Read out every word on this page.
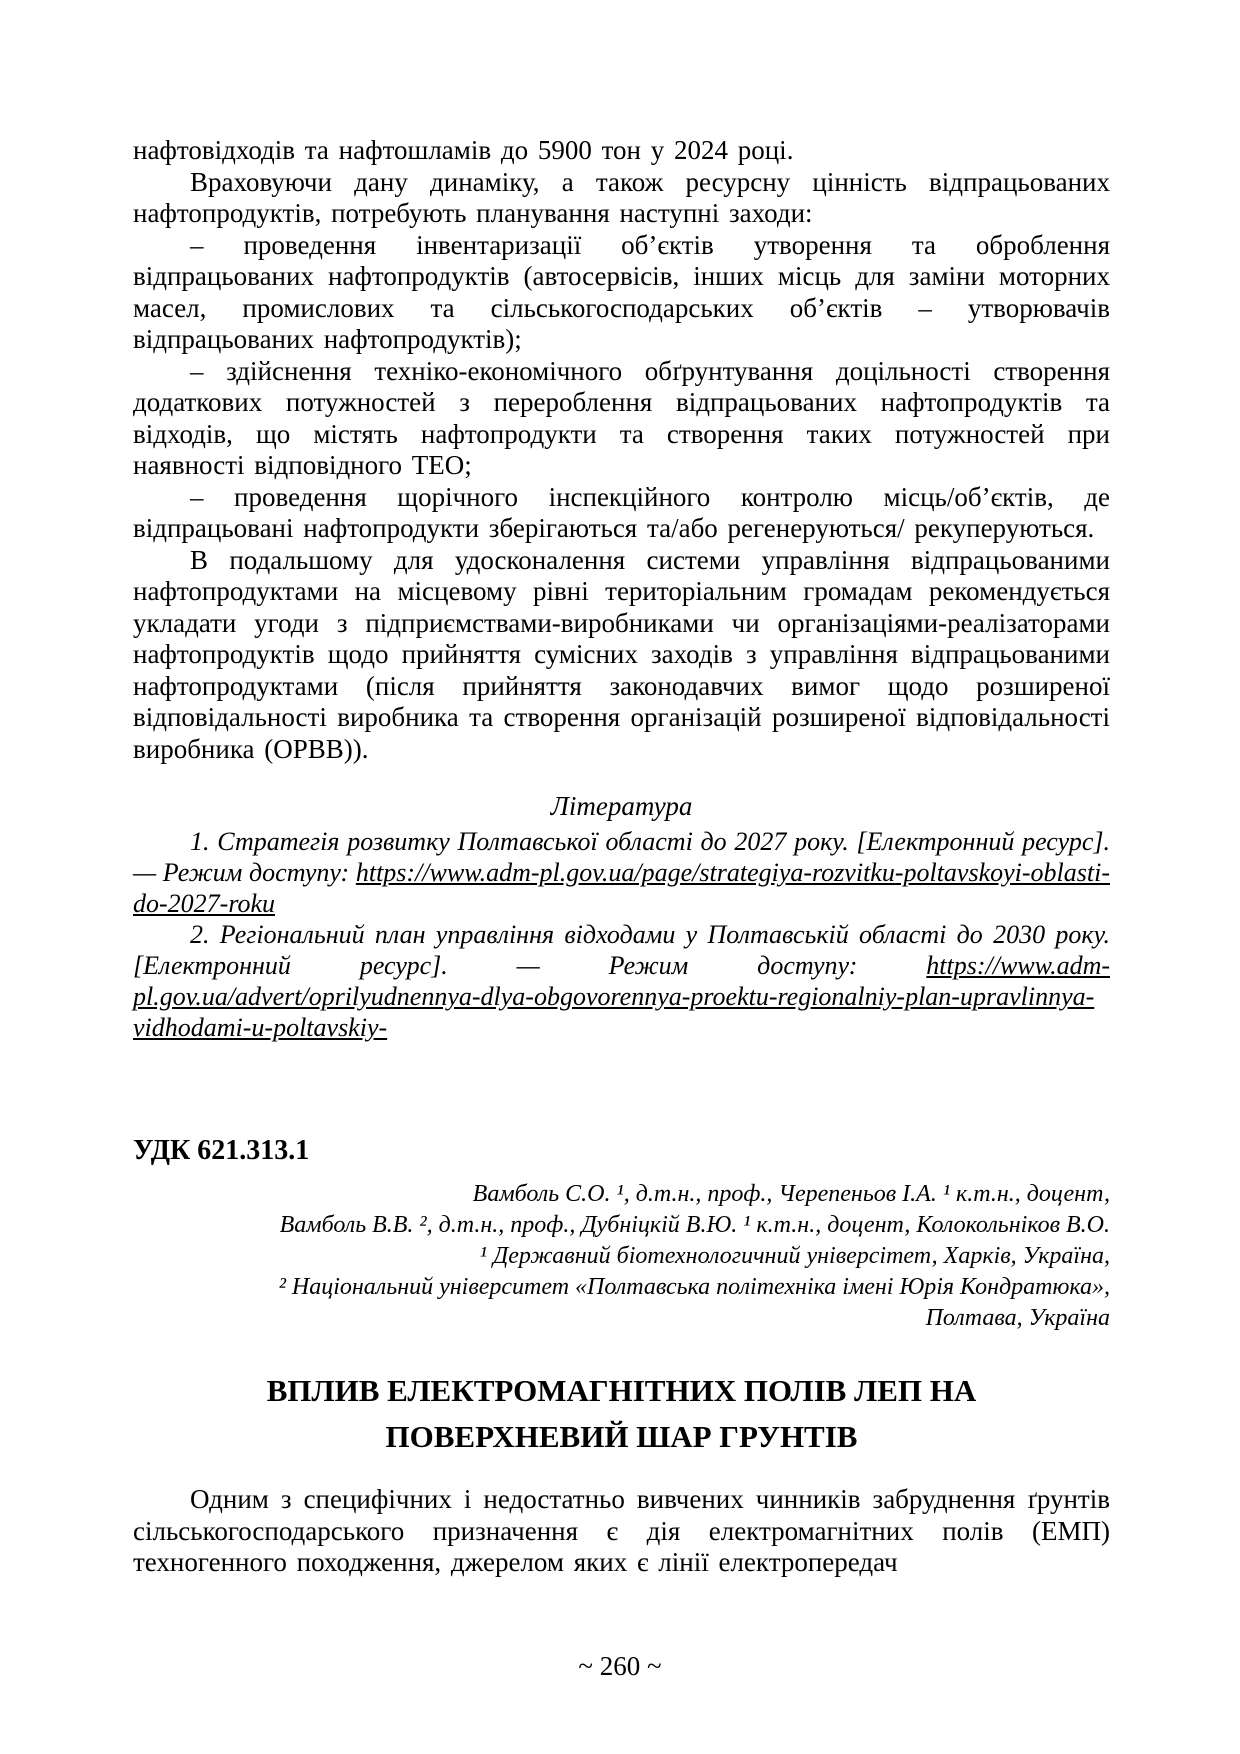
нафтовідходів та нафтошламів до 5900 тон у 2024 році.

Враховуючи дану динаміку, а також ресурсну цінність відпрацьованих нафтопродуктів, потребують планування наступні заходи:

– проведення інвентаризації об’єктів утворення та оброблення відпрацьованих нафтопродуктів (автосервісів, інших місць для заміни моторних масел, промислових та сільськогосподарських об’єктів – утворювачів відпрацьованих нафтопродуктів);

– здійснення техніко-економічного обґрунтування доцільності створення додаткових потужностей з перероблення відпрацьованих нафтопродуктів та відходів, що містять нафтопродукти та створення таких потужностей при наявності відповідного ТЕО;

– проведення щорічного інспекційного контролю місць/об’єктів, де відпрацьовані нафтопродукти зберігаються та/або регенеруються/ рекуперуються.

В подальшому для удосконалення системи управління відпрацьованими нафтопродуктами на місцевому рівні територіальним громадам рекомендується укладати угоди з підприємствами-виробниками чи організаціями-реалізаторами нафтопродуктів щодо прийняття сумісних заходів з управління відпрацьованими нафтопродуктами (після прийняття законодавчих вимог щодо розширеної відповідальності виробника та створення організацій розширеної відповідальності виробника (ОРВВ)).

Література

1. Стратегія розвитку Полтавської області до 2027 року. [Електронний ресурс]. — Режим доступу: https://www.adm-pl.gov.ua/page/strategiya-rozvitku-poltavskoyi-oblasti-do-2027-roku

2. Регіональний план управління відходами у Полтавській області до 2030 року. [Електронний ресурс]. — Режим доступу: https://www.adm-pl.gov.ua/advert/oprilyudnennya-dlya-obgovorennya-proektu-regionalniy-plan-upravlinnya-vidhodami-u-poltavskiy-

УДК 621.313.1

Вамболь С.О. ¹, д.т.н., проф., Черепеньов І.А. ¹ к.т.н., доцент,

Вамболь В.В. ², д.т.н., проф., Дубніцкій В.Ю. ¹ к.т.н., доцент, Колокольніков В.О.

¹ Державний біотехнологичний універсітет, Харків, Україна,

² Національний університет «Полтавська політехніка імені Юрія Кондратюка»,

Полтава, Україна

ВПЛИВ ЕЛЕКТРОМАГНІТНИХ ПОЛІВ ЛЕП НА ПОВЕРХНЕВИЙ ШАР ГРУНТІВ

Одним з специфічних і недостатньо вивчених чинників забруднення ґрунтів сільськогосподарського призначення є дія електромагнітних полів (ЕМП) техногенного походження, джерелом яких є лінії електропередач

~ 260 ~
